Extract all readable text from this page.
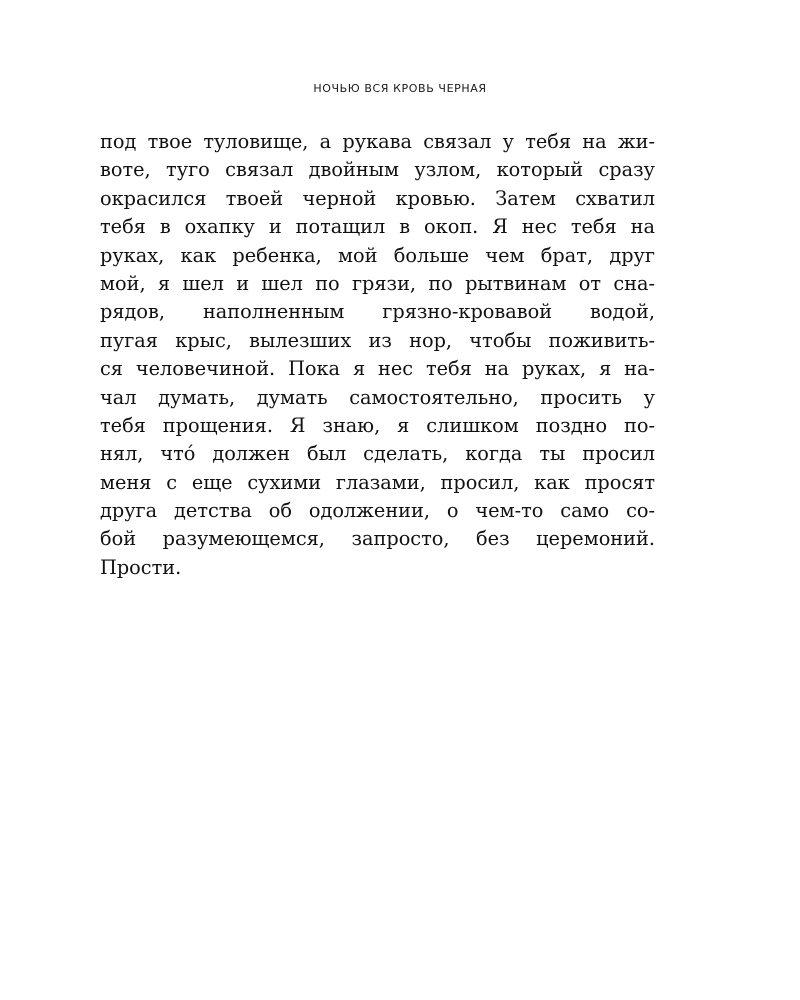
НОЧЬЮ ВСЯ КРОВЬ ЧЕРНАЯ
под твое туловище, а рукава связал у тебя на жи-
воте, туго связал двойным узлом, который сразу
окрасился твоей черной кровью. Затем схватил
тебя в охапку и потащил в окоп. Я нес тебя на
руках, как ребенка, мой больше чем брат, друг
мой, я шел и шел по грязи, по рытвинам от сна-
рядов, наполненным грязно-кровавой водой,
пугая крыс, вылезших из нор, чтобы поживить-
ся человечиной. Пока я нес тебя на руках, я на-
чал думать, думать самостоятельно, просить у
тебя прощения. Я знаю, я слишком поздно по-
нял, что́ должен был сделать, когда ты просил
меня с еще сухими глазами, просил, как просят
друга детства об одолжении, о чем-то само со-
бой разумеющемся, запросто, без церемоний.
Прости.
